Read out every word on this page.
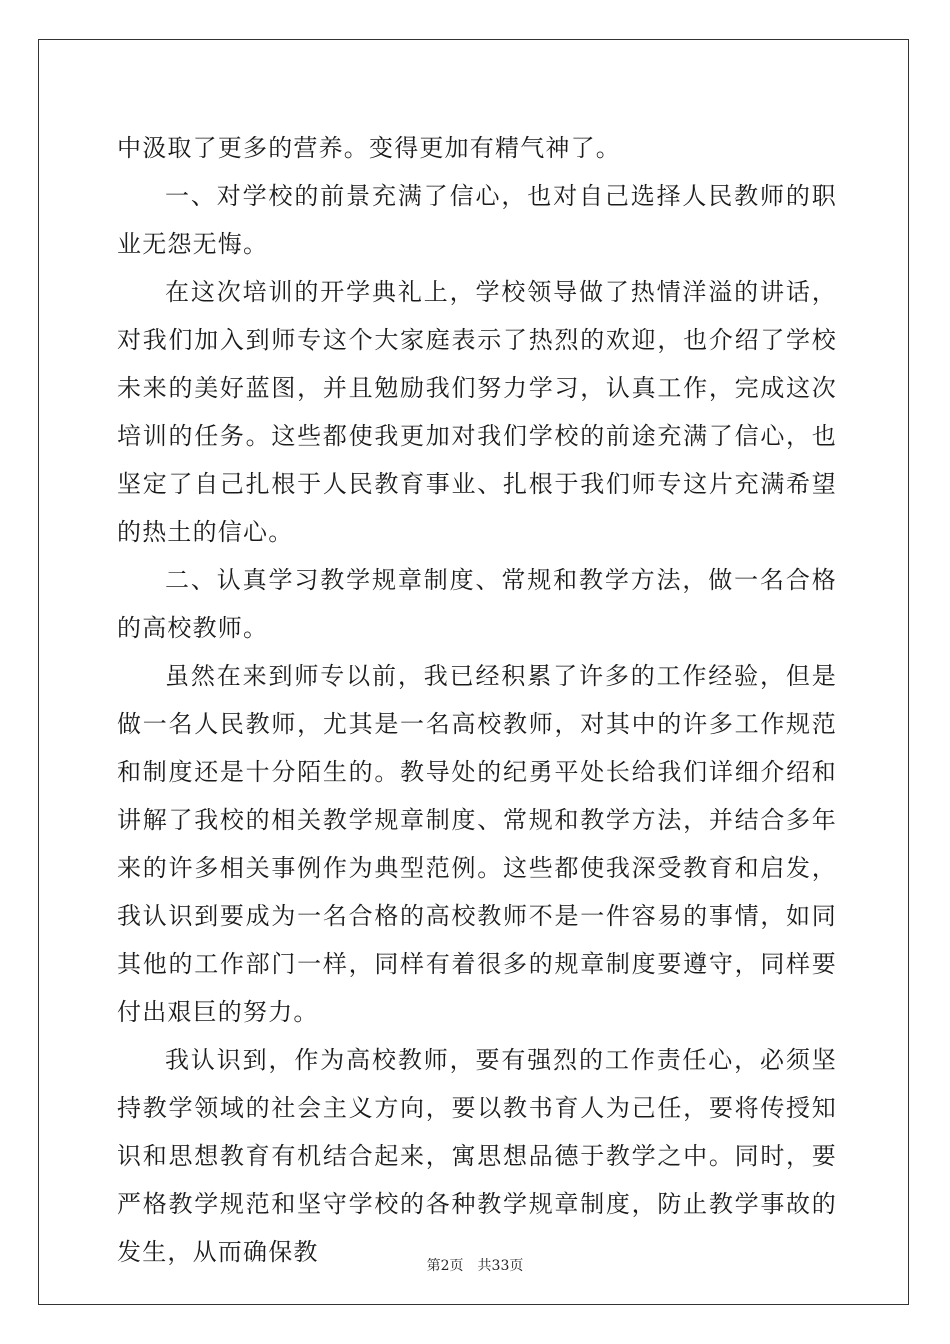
中汲取了更多的营养。变得更加有精气神了。

一、对学校的前景充满了信心，也对自己选择人民教师的职业无怨无悔。

在这次培训的开学典礼上，学校领导做了热情洋溢的讲话，对我们加入到师专这个大家庭表示了热烈的欢迎，也介绍了学校未来的美好蓝图，并且勉励我们努力学习，认真工作，完成这次培训的任务。这些都使我更加对我们学校的前途充满了信心，也坚定了自己扎根于人民教育事业、扎根于我们师专这片充满希望的热土的信心。

二、认真学习教学规章制度、常规和教学方法，做一名合格的高校教师。

虽然在来到师专以前，我已经积累了许多的工作经验，但是做一名人民教师，尤其是一名高校教师，对其中的许多工作规范和制度还是十分陌生的。教导处的纪勇平处长给我们详细介绍和讲解了我校的相关教学规章制度、常规和教学方法，并结合多年来的许多相关事例作为典型范例。这些都使我深受教育和启发，我认识到要成为一名合格的高校教师不是一件容易的事情，如同其他的工作部门一样，同样有着很多的规章制度要遵守，同样要付出艰巨的努力。

我认识到，作为高校教师，要有强烈的工作责任心，必须坚持教学领域的社会主义方向，要以教书育人为己任，要将传授知识和思想教育有机结合起来，寓思想品德于教学之中。同时，要严格教学规范和坚守学校的各种教学规章制度，防止教学事故的发生，从而确保教	第2页 共33页
